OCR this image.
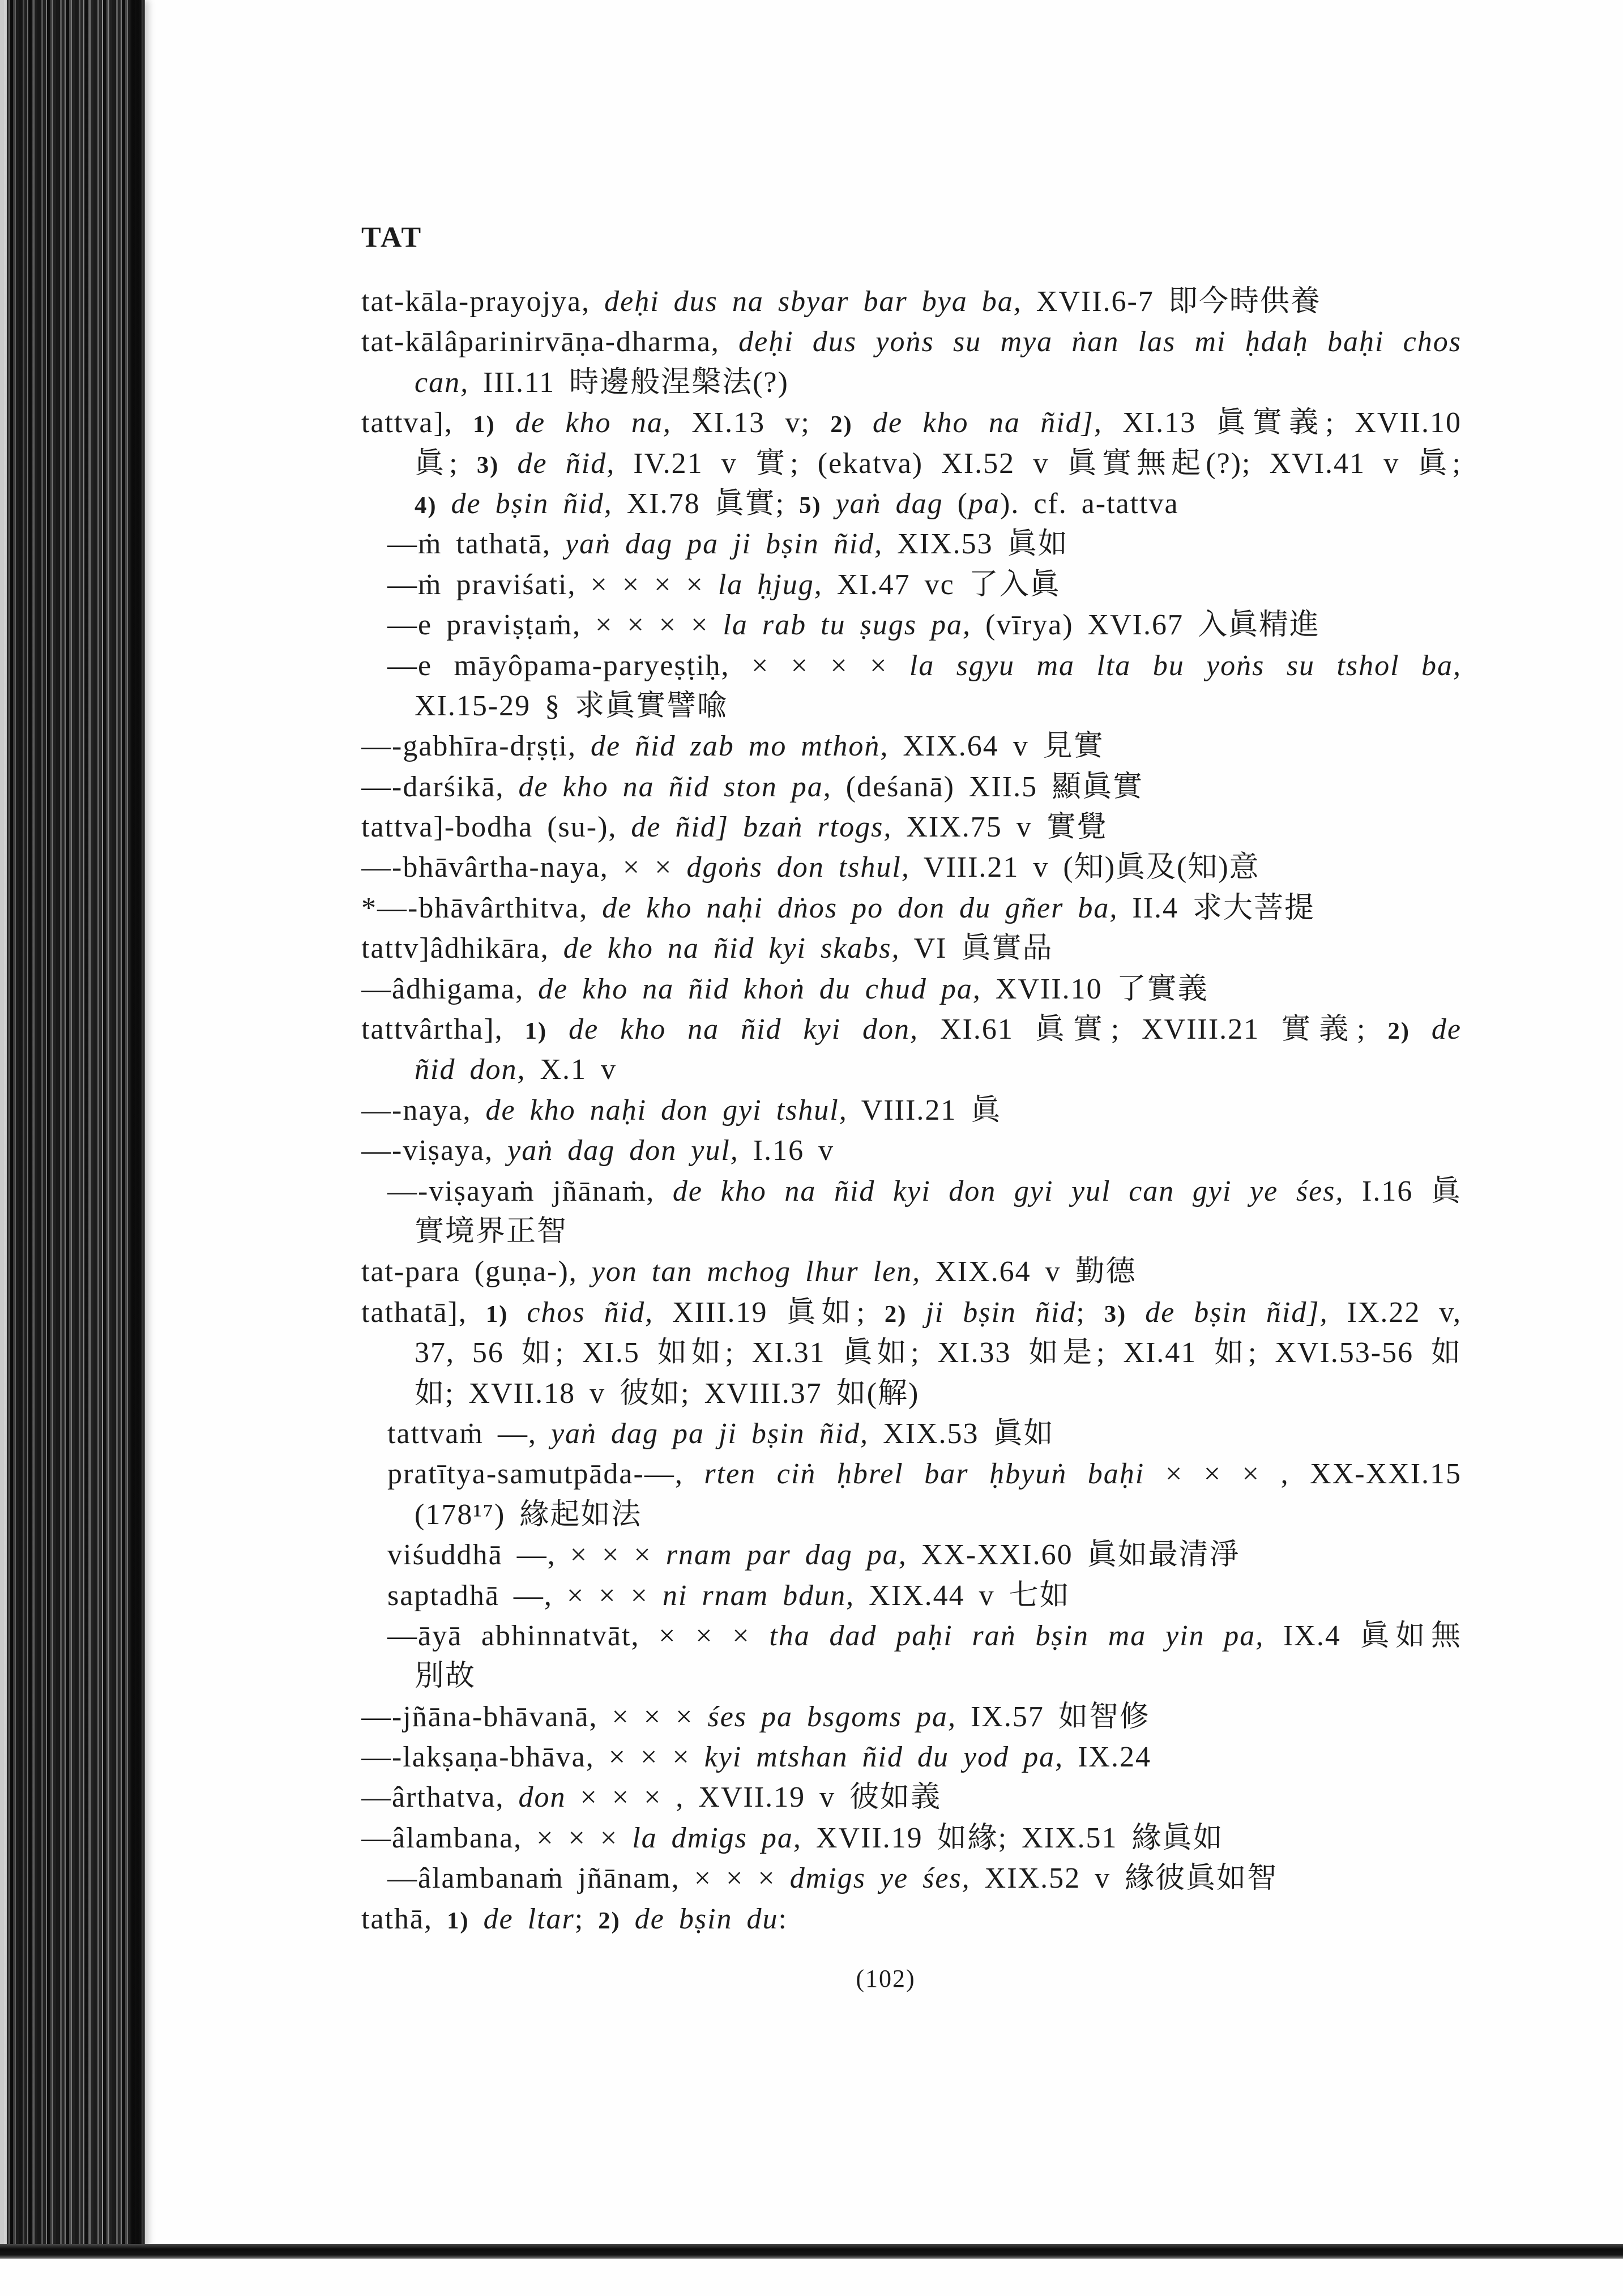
TAT
tat-kāla-prayojya, deḥi dus na sbyar bar bya ba, XVII.6-7 即今時供養
tat-kālâparinirvāṇa-dharma, deḥi dus yoṅs su mya ṅan las mi ḥdaḥ baḥi chos
can, III.11 時邊般涅槃法(?)
tattva], 1) de kho na, XI.13 v; 2) de kho na ñid], XI.13 眞實義; XVII.10
眞; 3) de ñid, IV.21 v 實; (ekatva) XI.52 v 眞實無起(?); XVI.41 v 眞;
4) de bṣin ñid, XI.78 眞實; 5) yaṅ dag (pa). cf. a-tattva
—ṁ tathatā, yaṅ dag pa ji bṣin ñid, XIX.53 眞如
—ṁ praviśati, × × × × la ḥjug, XI.47 vc 了入眞
—e praviṣṭaṁ, × × × × la rab tu ṣugs pa, (vīrya) XVI.67 入眞精進
—e māyôpama-paryeṣṭiḥ, × × × × la sgyu ma lta bu yoṅs su tshol ba,
XI.15-29 § 求眞實譬喩
—-gabhīra-dṛṣṭi, de ñid zab mo mthoṅ, XIX.64 v 見實
—-darśikā, de kho na ñid ston pa, (deśanā) XII.5 顯眞實
tattva]-bodha (su-), de ñid] bzaṅ rtogs, XIX.75 v 實覺
—-bhāvârtha-naya, × × dgoṅs don tshul, VIII.21 v (知)眞及(知)意
*—-bhāvârthitva, de kho naḥi dṅos po don du gñer ba, II.4 求大菩提
tattv]âdhikāra, de kho na ñid kyi skabs, VI 眞實品
—âdhigama, de kho na ñid khoṅ du chud pa, XVII.10 了實義
tattvârtha], 1) de kho na ñid kyi don, XI.61 眞實; XVIII.21 實義; 2) de
ñid don, X.1 v
—-naya, de kho naḥi don gyi tshul, VIII.21 眞
—-viṣaya, yaṅ dag don yul, I.16 v
—-viṣayaṁ jñānaṁ, de kho na ñid kyi don gyi yul can gyi ye śes, I.16 眞
實境界正智
tat-para (guṇa-), yon tan mchog lhur len, XIX.64 v 勤德
tathatā], 1) chos ñid, XIII.19 眞如; 2) ji bṣin ñid; 3) de bṣin ñid], IX.22 v,
37, 56 如; XI.5 如如; XI.31 眞如; XI.33 如是; XI.41 如; XVI.53-56 如
如; XVII.18 v 彼如; XVIII.37 如(解)
tattvaṁ —, yaṅ dag pa ji bṣin ñid, XIX.53 眞如
pratītya-samutpāda-—, rten ciṅ ḥbrel bar ḥbyuṅ baḥi × × × , XX-XXI.15
(178¹⁷) 緣起如法
viśuddhā —, × × × rnam par dag pa, XX-XXI.60 眞如最清淨
saptadhā —, × × × ni rnam bdun, XIX.44 v 七如
—āyā abhinnatvāt, × × × tha dad paḥi raṅ bṣin ma yin pa, IX.4 眞如無
別故
—-jñāna-bhāvanā, × × × śes pa bsgoms pa, IX.57 如智修
—-lakṣaṇa-bhāva, × × × kyi mtshan ñid du yod pa, IX.24
—ârthatva, don × × × , XVII.19 v 彼如義
—âlambana, × × × la dmigs pa, XVII.19 如緣; XIX.51 緣眞如
—âlambanaṁ jñānam, × × × dmigs ye śes, XIX.52 v 緣彼眞如智
tathā, 1) de ltar; 2) de bṣin du:
(102)
